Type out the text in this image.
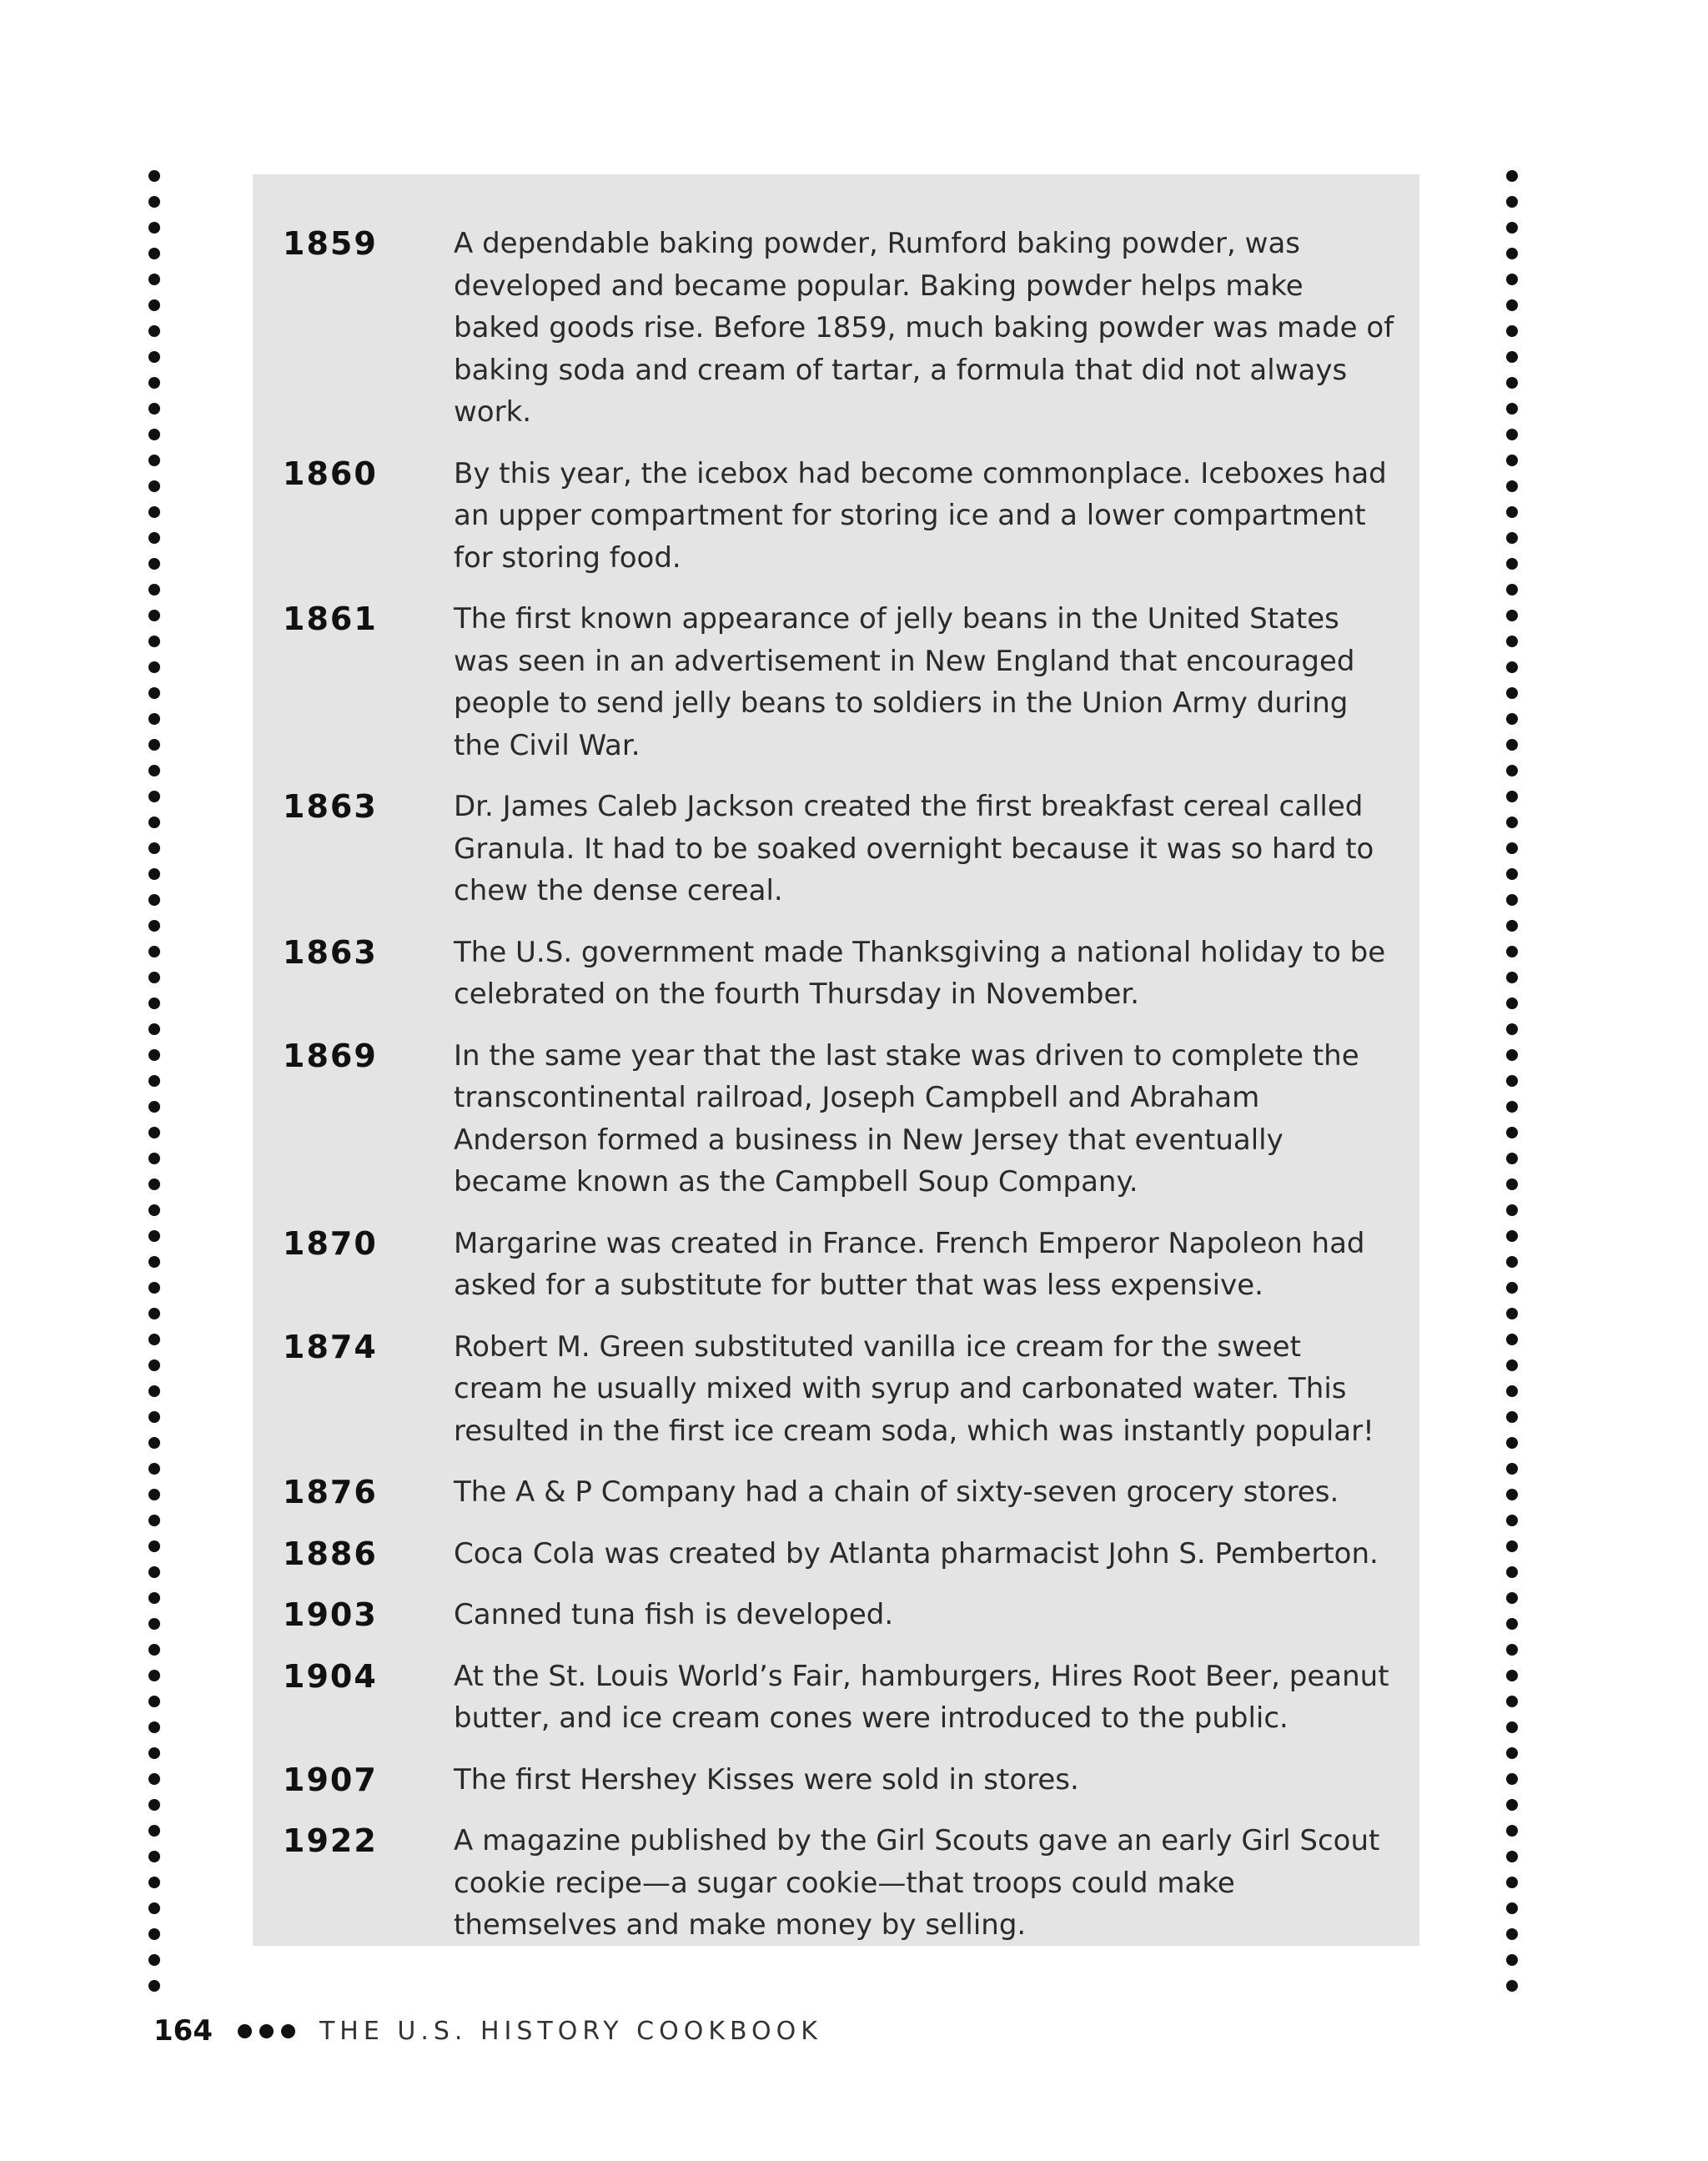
1859	A dependable baking powder, Rumford baking powder, was developed and became popular. Baking powder helps make baked goods rise. Before 1859, much baking powder was made of baking soda and cream of tartar, a formula that did not always work.
1860	By this year, the icebox had become commonplace. Iceboxes had an upper compartment for storing ice and a lower compartment for storing food.
1861	The first known appearance of jelly beans in the United States was seen in an advertisement in New England that encouraged people to send jelly beans to soldiers in the Union Army during the Civil War.
1863	Dr. James Caleb Jackson created the first breakfast cereal called Granula. It had to be soaked overnight because it was so hard to chew the dense cereal.
1863	The U.S. government made Thanksgiving a national holiday to be celebrated on the fourth Thursday in November.
1869	In the same year that the last stake was driven to complete the transcontinental railroad, Joseph Campbell and Abraham Anderson formed a business in New Jersey that eventually became known as the Campbell Soup Company.
1870	Margarine was created in France. French Emperor Napoleon had asked for a substitute for butter that was less expensive.
1874	Robert M. Green substituted vanilla ice cream for the sweet cream he usually mixed with syrup and carbonated water. This resulted in the first ice cream soda, which was instantly popular!
1876	The A & P Company had a chain of sixty-seven grocery stores.
1886	Coca Cola was created by Atlanta pharmacist John S. Pemberton.
1903	Canned tuna fish is developed.
1904	At the St. Louis World’s Fair, hamburgers, Hires Root Beer, peanut butter, and ice cream cones were introduced to the public.
1907	The first Hershey Kisses were sold in stores.
1922	A magazine published by the Girl Scouts gave an early Girl Scout cookie recipe—a sugar cookie—that troops could make themselves and make money by selling.
164	THE U.S. HISTORY COOKBOOK
